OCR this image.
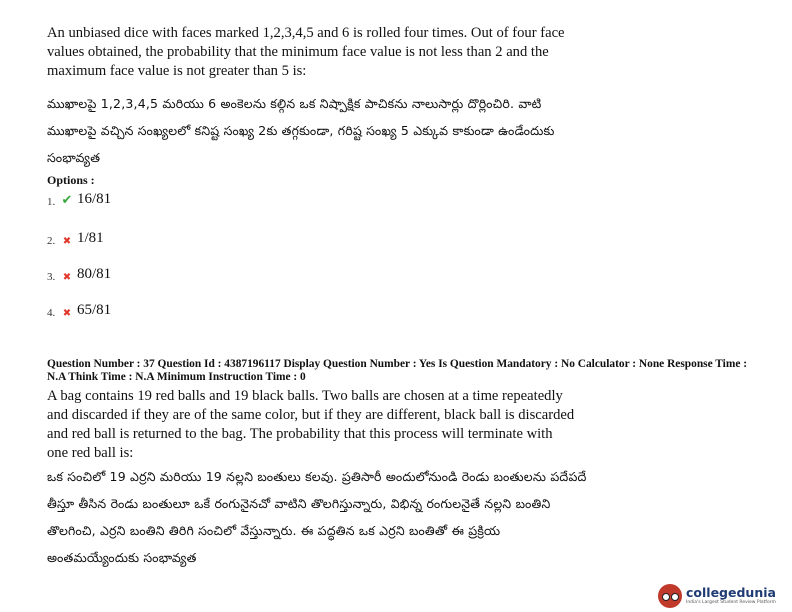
An unbiased dice with faces marked 1,2,3,4,5 and 6 is rolled four times. Out of four face values obtained, the probability that the minimum face value is not less than 2 and the maximum face value is not greater than 5 is:

ముఖాలపై 1,2,3,4,5 మరియు 6 అంకెలను కల్గిన ఒక నిష్పాక్షిక పాచికను నాలుసార్లు దొర్లించిరి. వాటి ముఖాలపై వచ్చిన సంఖ్యలలో కనిష్ట సంఖ్య 2కు తగ్గకుండా, గరిష్ట సంఖ్య 5 ఎక్కువ కాకుండా ఉండేందుకు సంభావ్యత

Options :

1. ✔ 16/81
2. ✖ 1/81
3. ✖ 80/81
4. ✖ 65/81

Question Number : 37 Question Id : 4387196117 Display Question Number : Yes Is Question Mandatory : No Calculator : None Response Time : N.A Think Time : N.A Minimum Instruction Time : 0

A bag contains 19 red balls and 19 black balls. Two balls are chosen at a time repeatedly and discarded if they are of the same color, but if they are different, black ball is discarded and red ball is returned to the bag. The probability that this process will terminate with one red ball is:

ఒక సంచిలో 19 ఎర్రని మరియు 19 నల్లని బంతులు కలవు. ప్రతిసారీ అందులోనుండి రెండు బంతులను పదేపదే తీస్తూ తీసిన రెండు బంతులూ ఒకే రంగునైనచో వాటిని తొలగిస్తున్నారు, విభిన్న రంగులనైతే నల్లని బంతిని తొలగించి, ఎర్రని బంతిని తిరిగి సంచిలో వేస్తున్నారు. ఈ పద్ధతిన ఒక ఎర్రని బంతితో ఈ ప్రక్రియ అంతమయ్యేందుకు సంభావ్యత

collegedunia
India's Largest Student Review Platform
